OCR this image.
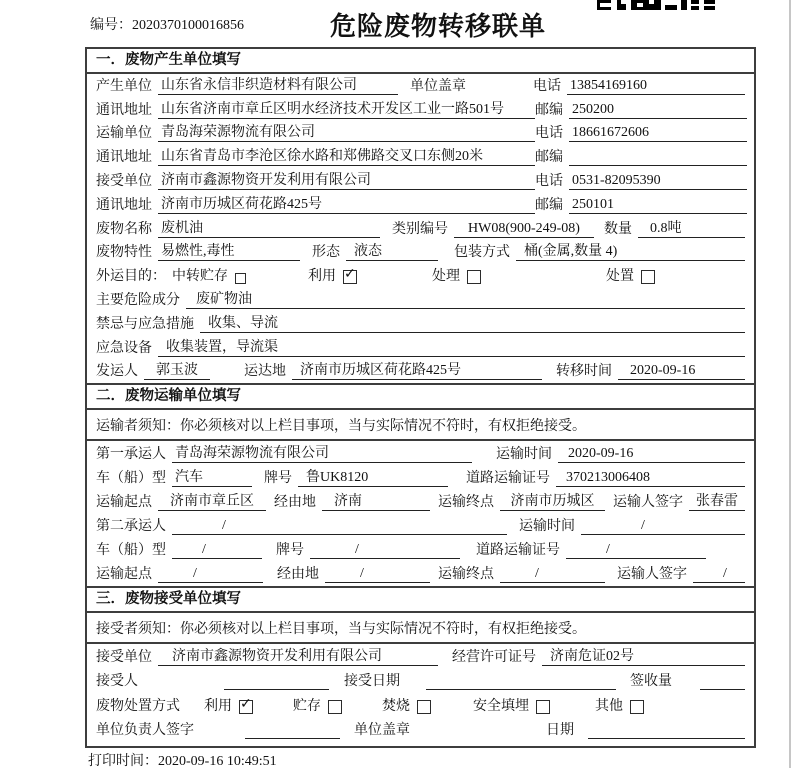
编号：2020370100016856	危险废物转移联单
一．废物产生单位填写
产生单位 山东省永信非织造材料有限公司	单位盖章	电话 13854169160
通讯地址 山东省济南市章丘区明水经济技术开发区工业一路501号	邮编 250200
运输单位 青岛海荣源物流有限公司	电话 18661672606
通讯地址 山东省青岛市李沧区徐水路和郑佛路交叉口东侧20米	邮编
接受单位 济南市鑫源物资开发利用有限公司	电话 0531-82095390
通讯地址 济南市历城区荷花路425号	邮编 250101
废物名称 废机油	类别编号	HW08(900-249-08)	数量	0.8吨
废物特性 易燃性,毒性	形态	液态	包装方式	桶(金属,数量 4)
外运目的： 中转贮存	利用 ✓	处理	处置
主要危险成分	废矿物油
禁忌与应急措施	收集、导流
应急设备	收集装置，导流渠
发运人	郭玉波	运达地	济南市历城区荷花路425号	转移时间	2020-09-16
二．废物运输单位填写
运输者须知：你必须核对以上栏目事项，当与实际情况不符时，有权拒绝接受。
第一承运人 青岛海荣源物流有限公司	运输时间	2020-09-16
车（船）型 汽车	牌号	鲁UK8120	道路运输证号	370213006408
运输起点	济南市章丘区	经由地	济南	运输终点	济南市历城区	运输人签字 张春雷
第二承运人	/	运输时间	/
车（船）型	/	牌号	/	道路运输证号	/
运输起点	/	经由地	/	运输终点	/	运输人签字	/
三．废物接受单位填写
接受者须知：你必须核对以上栏目事项，当与实际情况不符时，有权拒绝接受。
接受单位	济南市鑫源物资开发利用有限公司	经营许可证号	济南危证02号
接受人	接受日期	签收量
废物处置方式 利用 ✓	贮存	焚烧	安全填埋	其他
单位负责人签字	单位盖章	日期
打印时间：2020-09-16 10:49:51
